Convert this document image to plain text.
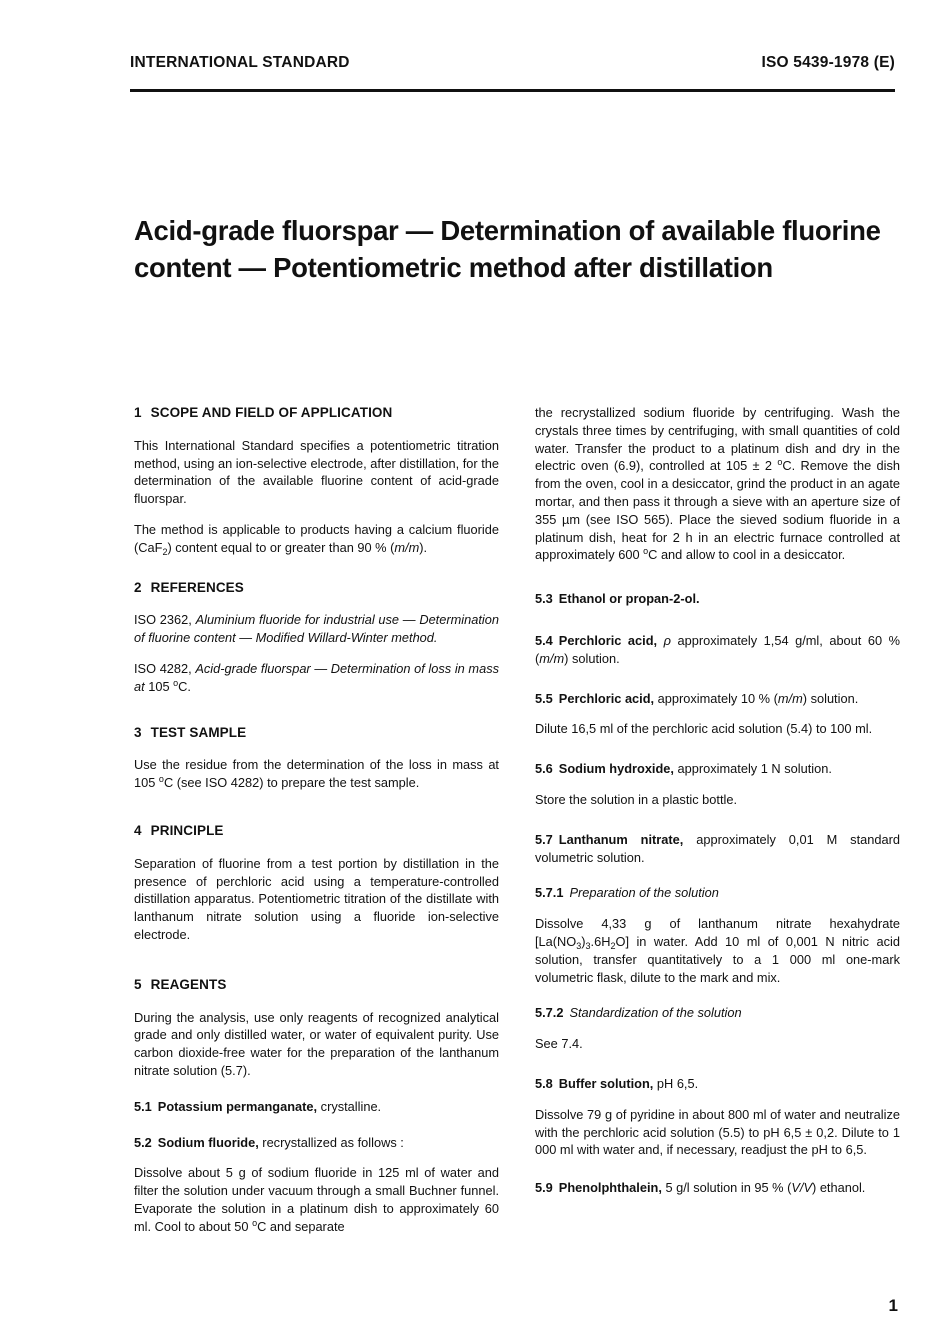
INTERNATIONAL STANDARD	ISO 5439-1978 (E)
Acid-grade fluorspar — Determination of available fluorine
content — Potentiometric method after distillation
1 SCOPE AND FIELD OF APPLICATION

This International Standard specifies a potentiometric titration method, using an ion-selective electrode, after distillation, for the determination of the available fluorine content of acid-grade fluorspar.

The method is applicable to products having a calcium fluoride (CaF$_2$) content equal to or greater than 90 % (m/m).

2 REFERENCES

ISO 2362, Aluminium fluoride for industrial use — Determination of fluorine content — Modified Willard-Winter method.

ISO 4282, Acid-grade fluorspar — Determination of loss in mass at 105 $^o$C.

3 TEST SAMPLE

Use the residue from the determination of the loss in mass at 105 $^o$C (see ISO 4282) to prepare the test sample.

4 PRINCIPLE

Separation of fluorine from a test portion by distillation in the presence of perchloric acid using a temperature-controlled distillation apparatus. Potentiometric titration of the distillate with lanthanum nitrate solution using a fluoride ion-selective electrode.

5 REAGENTS

During the analysis, use only reagents of recognized analytical grade and only distilled water, or water of equivalent purity. Use carbon dioxide-free water for the preparation of the lanthanum nitrate solution (5.7).

5.1 Potassium permanganate, crystalline.

5.2 Sodium fluoride, recrystallized as follows :

Dissolve about 5 g of sodium fluoride in 125 ml of water and filter the solution under vacuum through a small Buchner funnel. Evaporate the solution in a platinum dish to approximately 60 ml. Cool to about 50 $^o$C and separate

the recrystallized sodium fluoride by centrifuging. Wash the crystals three times by centrifuging, with small quantities of cold water. Transfer the product to a platinum dish and dry in the electric oven (6.9), controlled at 105 ± 2 $^o$C. Remove the dish from the oven, cool in a desiccator, grind the product in an agate mortar, and then pass it through a sieve with an aperture size of 355 µm (see ISO 565). Place the sieved sodium fluoride in a platinum dish, heat for 2 h in an electric furnace controlled at approximately 600 $^o$C and allow to cool in a desiccator.

5.3 Ethanol or propan-2-ol.

5.4 Perchloric acid, ρ approximately 1,54 g/ml, about 60 % (m/m) solution.

5.5 Perchloric acid, approximately 10 % (m/m) solution.

Dilute 16,5 ml of the perchloric acid solution (5.4) to 100 ml.

5.6 Sodium hydroxide, approximately 1 N solution.

Store the solution in a plastic bottle.

5.7 Lanthanum nitrate, approximately 0,01 M standard volumetric solution.

5.7.1 Preparation of the solution

Dissolve 4,33 g of lanthanum nitrate hexahydrate $[La(NO_3)_3.6H_2O]$ in water. Add 10 ml of 0,001 N nitric acid solution, transfer quantitatively to a 1 000 ml one-mark volumetric flask, dilute to the mark and mix.

5.7.2 Standardization of the solution

See 7.4.

5.8 Buffer solution, pH 6,5.

Dissolve 79 g of pyridine in about 800 ml of water and neutralize with the perchloric acid solution (5.5) to pH 6,5 ± 0,2. Dilute to 1 000 ml with water and, if necessary, readjust the pH to 6,5.

5.9 Phenolphthalein, 5 g/l solution in 95 % (V/V) ethanol.

1
